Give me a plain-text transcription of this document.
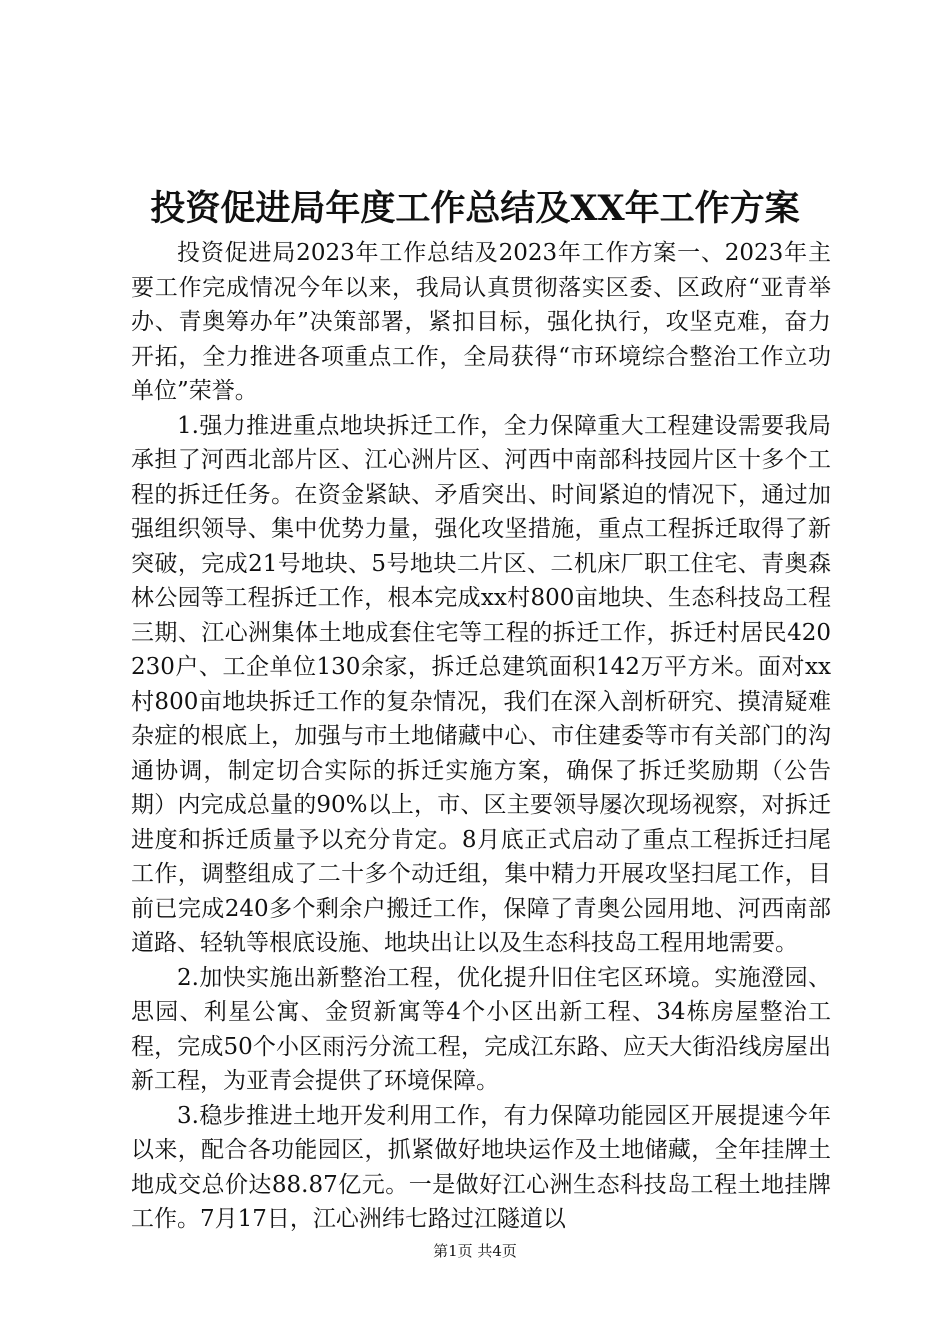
投资促进局年度工作总结及XX年工作方案

投资促进局2023年工作总结及2023年工作方案一、2023年主要工作完成情况今年以来，我局认真贯彻落实区委、区政府“亚青举办、青奥筹办年”决策部署，紧扣目标，强化执行，攻坚克难，奋力开拓，全力推进各项重点工作，全局获得“市环境综合整治工作立功单位”荣誉。

1.强力推进重点地块拆迁工作，全力保障重大工程建设需要我局承担了河西北部片区、江心洲片区、河西中南部科技园片区十多个工程的拆迁任务。在资金紧缺、矛盾突出、时间紧迫的情况下，通过加强组织领导、集中优势力量，强化攻坚措施，重点工程拆迁取得了新突破，完成21号地块、5号地块二片区、二机床厂职工住宅、青奥森林公园等工程拆迁工作，根本完成xx村800亩地块、生态科技岛工程三期、江心洲集体土地成套住宅等工程的拆迁工作，拆迁村居民420230户、工企单位130余家，拆迁总建筑面积142万平方米。面对xx村800亩地块拆迁工作的复杂情况，我们在深入剖析研究、摸清疑难杂症的根底上，加强与市土地储藏中心、市住建委等市有关部门的沟通协调，制定切合实际的拆迁实施方案，确保了拆迁奖励期（公告期）内完成总量的90%以上，市、区主要领导屡次现场视察，对拆迁进度和拆迁质量予以充分肯定。8月底正式启动了重点工程拆迁扫尾工作，调整组成了二十多个动迁组，集中精力开展攻坚扫尾工作，目前已完成240多个剩余户搬迁工作，保障了青奥公园用地、河西南部道路、轻轨等根底设施、地块出让以及生态科技岛工程用地需要。

2.加快实施出新整治工程，优化提升旧住宅区环境。实施澄园、思园、利星公寓、金贸新寓等4个小区出新工程、34栋房屋整治工程，完成50个小区雨污分流工程，完成江东路、应天大街沿线房屋出新工程，为亚青会提供了环境保障。

3.稳步推进土地开发利用工作，有力保障功能园区开展提速今年以来，配合各功能园区，抓紧做好地块运作及土地储藏，全年挂牌土地成交总价达88.87亿元。一是做好江心洲生态科技岛工程土地挂牌工作。7月17日，江心洲纬七路过江隧道以

第1页 共4页
